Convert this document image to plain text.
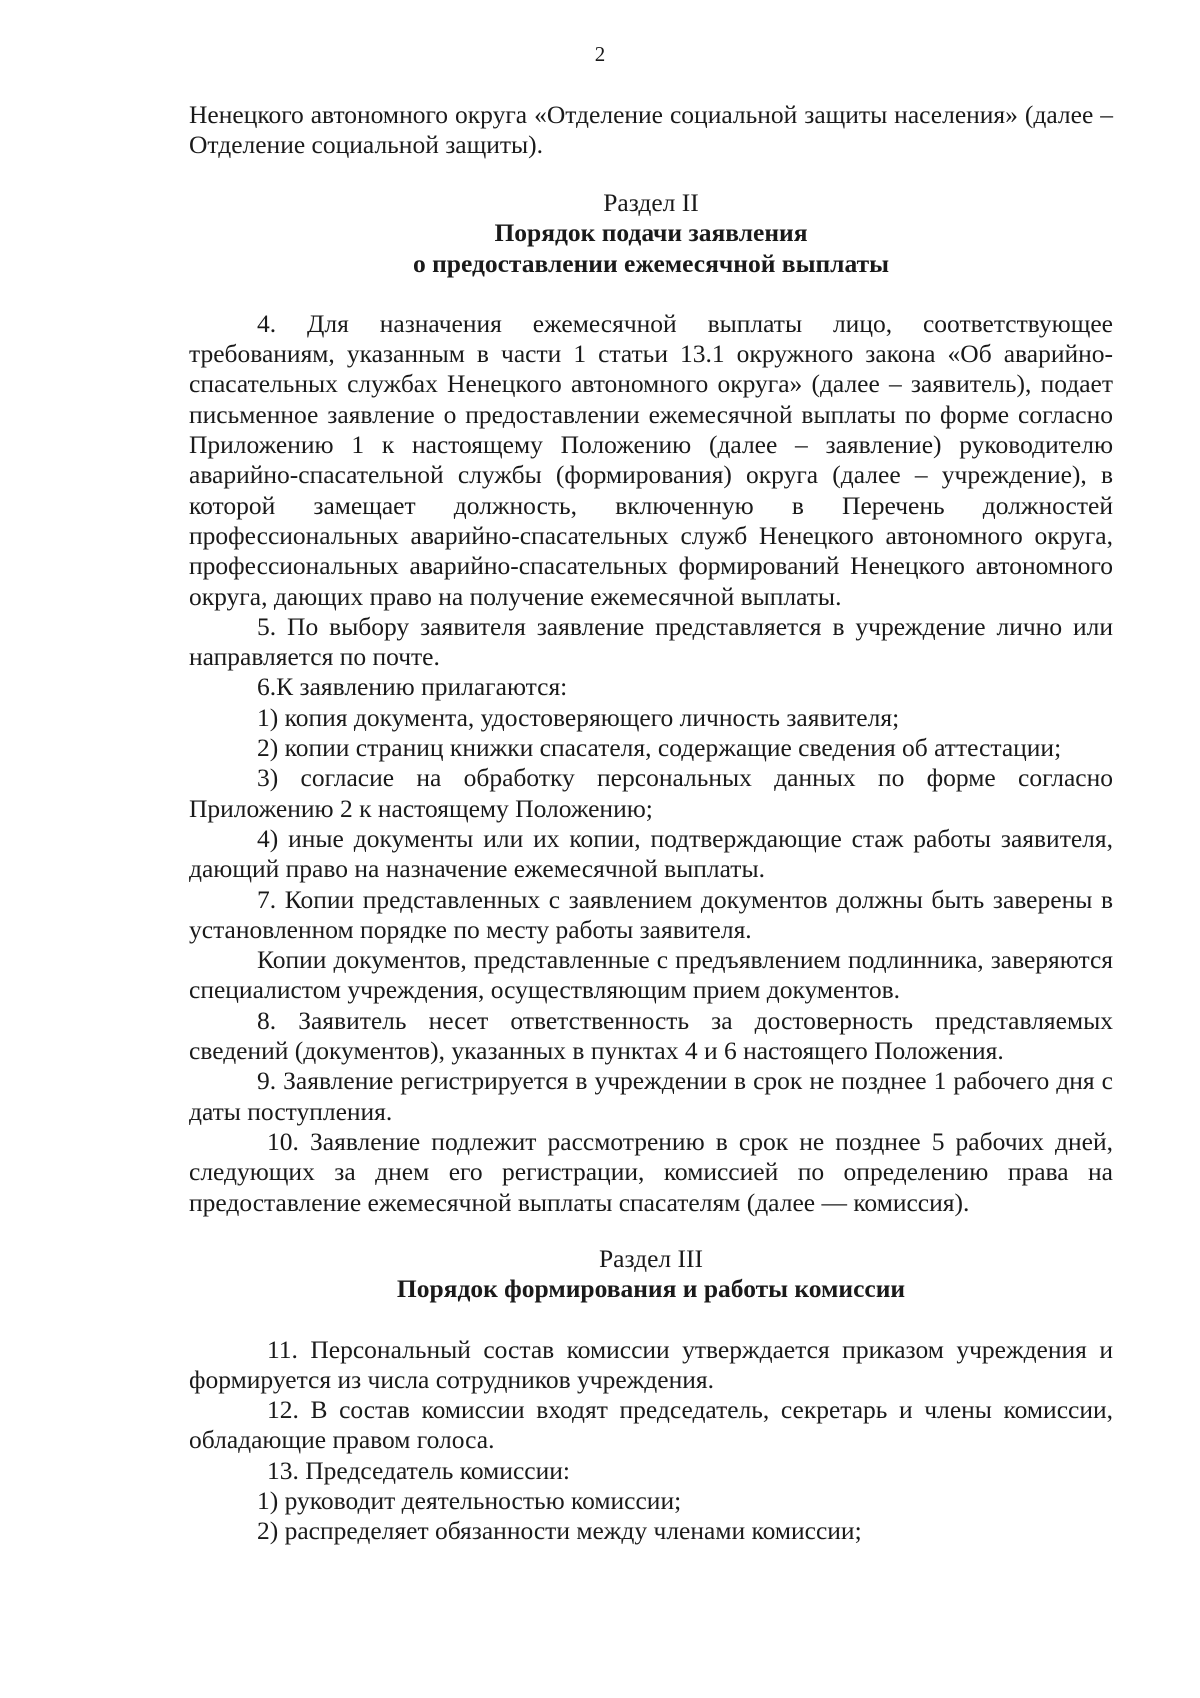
2

Ненецкого автономного округа «Отделение социальной защиты населения» (далее – Отделение социальной защиты).

Раздел II

Порядок подачи заявления

о предоставлении ежемесячной выплаты

4. Для назначения ежемесячной выплаты лицо, соответствующее требованиям, указанным в части 1 статьи 13.1 окружного закона «Об аварийно-спасательных службах Ненецкого автономного округа» (далее – заявитель), подает письменное заявление о предоставлении ежемесячной выплаты по форме согласно Приложению 1 к настоящему Положению (далее – заявление) руководителю аварийно-спасательной службы (формирования) округа (далее – учреждение), в которой замещает должность, включенную в Перечень должностей профессиональных аварийно-спасательных служб Ненецкого автономного округа, профессиональных аварийно-спасательных формирований Ненецкого автономного округа, дающих право на получение ежемесячной выплаты.

5. По выбору заявителя заявление представляется в учреждение лично или направляется по почте.

6.К заявлению прилагаются:

1) копия документа, удостоверяющего личность заявителя;

2) копии страниц книжки спасателя, содержащие сведения об аттестации;

3) согласие на обработку персональных данных по форме согласно Приложению 2 к настоящему Положению;

4) иные документы или их копии, подтверждающие стаж работы заявителя, дающий право на назначение ежемесячной выплаты.

7. Копии представленных с заявлением документов должны быть заверены в установленном порядке по месту работы заявителя.

Копии документов, представленные с предъявлением подлинника, заверяются специалистом учреждения, осуществляющим прием документов.

8. Заявитель несет ответственность за достоверность представляемых сведений (документов), указанных в пунктах 4 и 6 настоящего Положения.

9. Заявление регистрируется в учреждении в срок не позднее 1 рабочего дня с даты поступления.

10. Заявление подлежит рассмотрению в срок не позднее 5 рабочих дней, следующих за днем его регистрации, комиссией по определению права на предоставление ежемесячной выплаты спасателям (далее — комиссия).

Раздел III

Порядок формирования и работы комиссии

11. Персональный состав комиссии утверждается приказом учреждения и формируется из числа сотрудников учреждения.

12. В состав комиссии входят председатель, секретарь и члены комиссии, обладающие правом голоса.

13. Председатель комиссии:

1) руководит деятельностью комиссии;

2) распределяет обязанности между членами комиссии;
